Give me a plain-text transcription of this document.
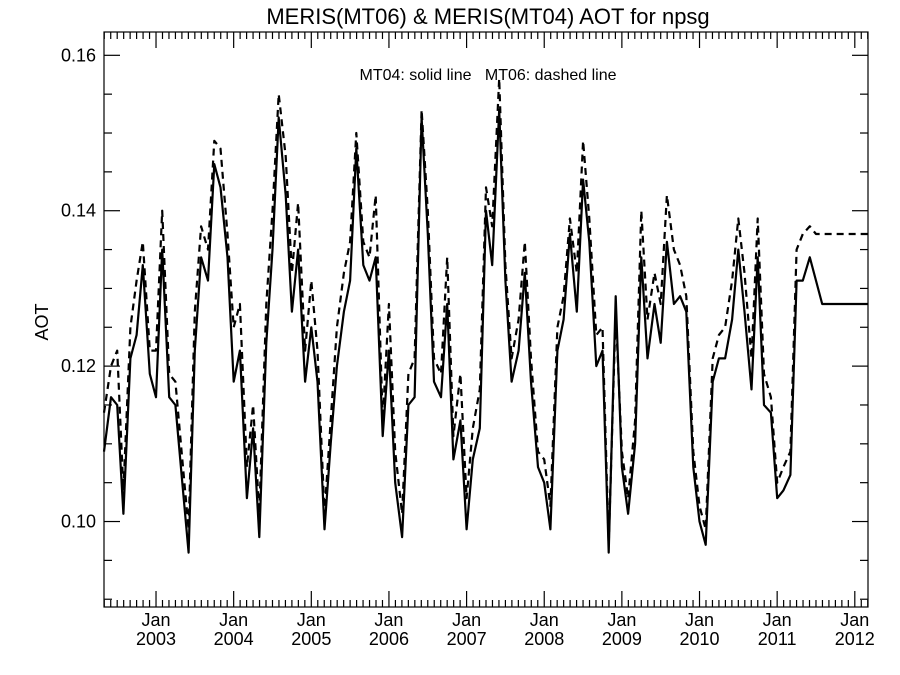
MERIS(MT06) & MERIS(MT04) AOT for npsg
AOT
MT04: solid line   MT06: dashed line
0.10
0.12
0.14
0.16
Jan
2003
Jan
2004
Jan
2005
Jan
2006
Jan
2007
Jan
2008
Jan
2009
Jan
2010
Jan
2011
Jan
2012
